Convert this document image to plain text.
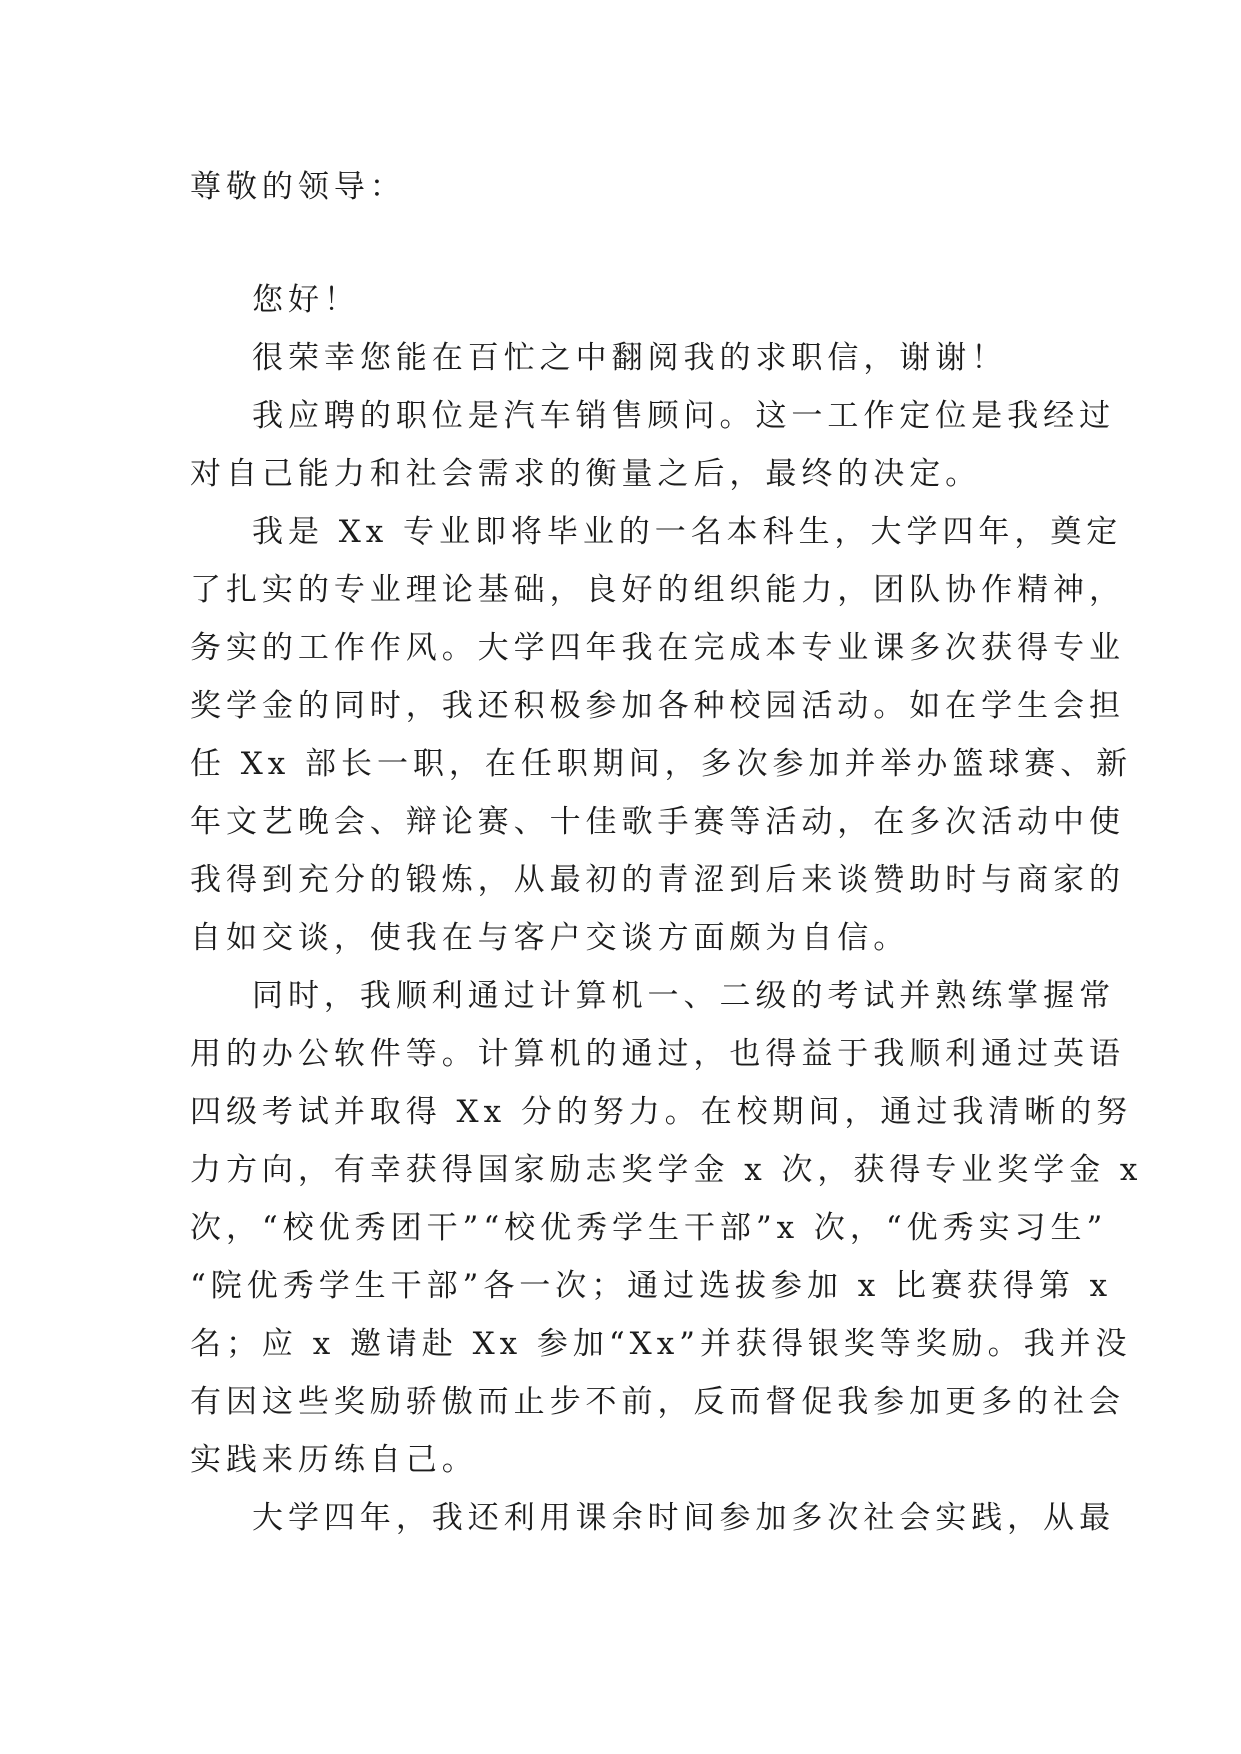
尊敬的领导：
您好！
很荣幸您能在百忙之中翻阅我的求职信，谢谢！
我应聘的职位是汽车销售顾问。这一工作定位是我经过
对自己能力和社会需求的衡量之后，最终的决定。
我是 Xx 专业即将毕业的一名本科生，大学四年，奠定
了扎实的专业理论基础，良好的组织能力，团队协作精神，
务实的工作作风。大学四年我在完成本专业课多次获得专业
奖学金的同时，我还积极参加各种校园活动。如在学生会担
任 Xx 部长一职，在任职期间，多次参加并举办篮球赛、新
年文艺晚会、辩论赛、十佳歌手赛等活动，在多次活动中使
我得到充分的锻炼，从最初的青涩到后来谈赞助时与商家的
自如交谈，使我在与客户交谈方面颇为自信。
同时，我顺利通过计算机一、二级的考试并熟练掌握常
用的办公软件等。计算机的通过，也得益于我顺利通过英语
四级考试并取得 Xx 分的努力。在校期间，通过我清晰的努
力方向，有幸获得国家励志奖学金 x 次，获得专业奖学金 x
次，“校优秀团干”“校优秀学生干部”x 次，“优秀实习生”
“院优秀学生干部”各一次；通过选拔参加 x 比赛获得第 x
名；应 x 邀请赴 Xx 参加“Xx”并获得银奖等奖励。我并没
有因这些奖励骄傲而止步不前，反而督促我参加更多的社会
实践来历练自己。
大学四年，我还利用课余时间参加多次社会实践，从最
